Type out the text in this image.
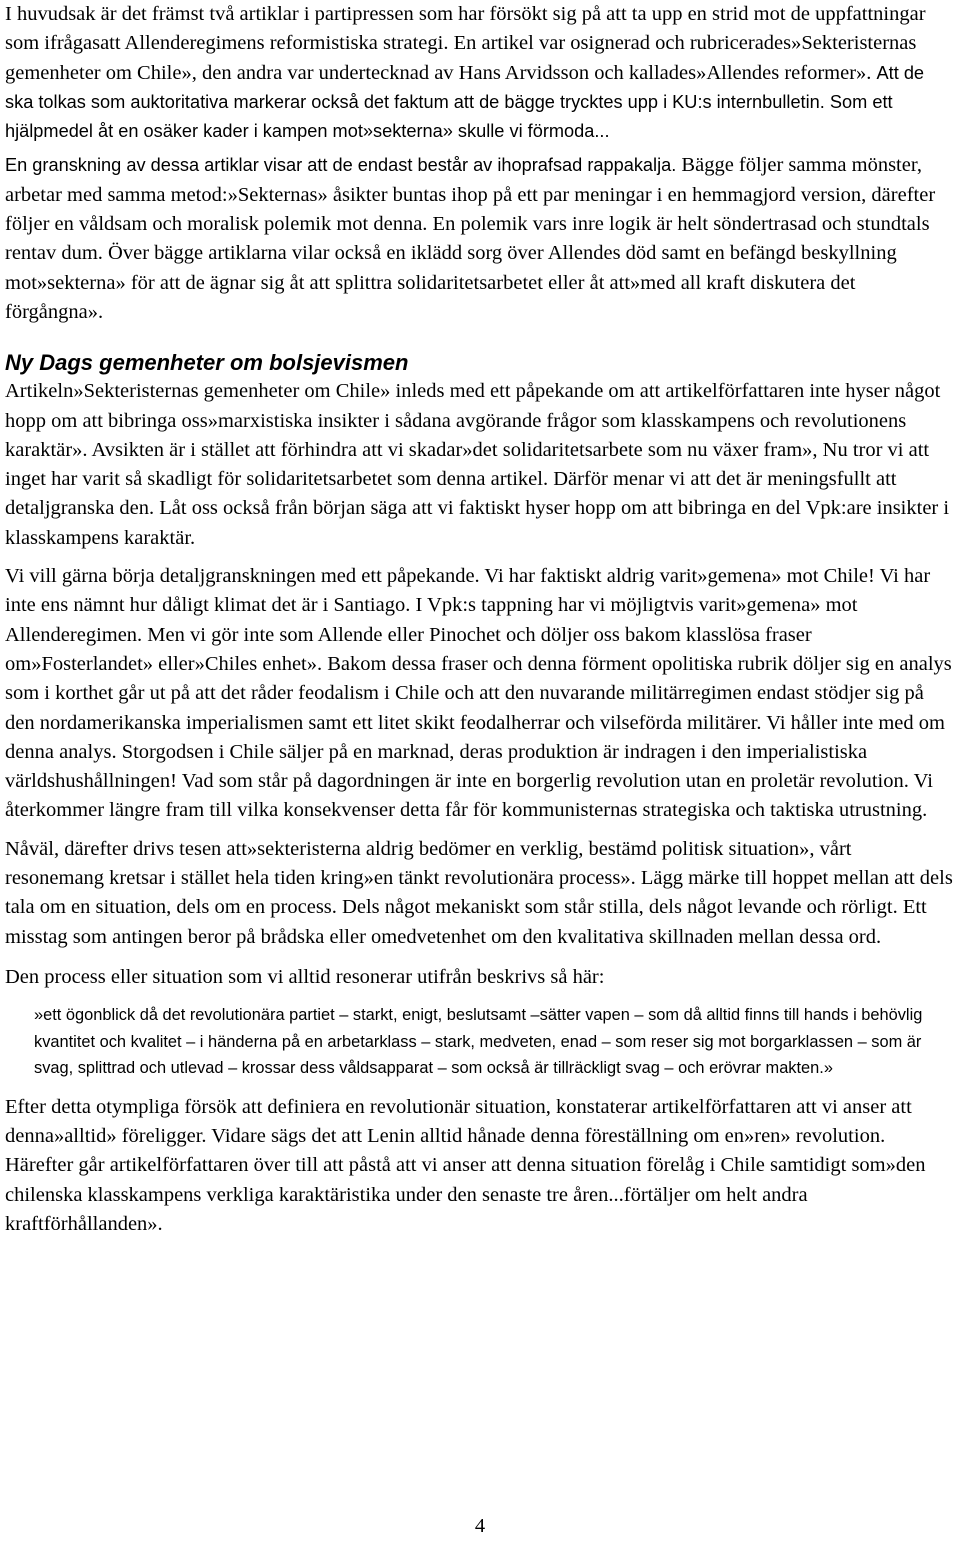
I huvudsak är det främst två artiklar i partipressen som har försökt sig på att ta upp en strid mot de uppfattningar som ifrågasatt Allenderegimens reformistiska strategi. En artikel var osignerad och rubricerades»Sekteristernas gemenheter om Chile», den andra var undertecknad av Hans Arvidsson och kallades»Allendes reformer». Att de ska tolkas som auktoritativa markerar också det faktum att de bägge trycktes upp i KU:s internbulletin. Som ett hjälpmedel åt en osäker kader i kampen mot»sekterna» skulle vi förmoda...

En granskning av dessa artiklar visar att de endast består av ihoprafsad rappakalja. Bägge följer samma mönster, arbetar med samma metod:»Sekternas» åsikter buntas ihop på ett par meningar i en hemmagjord version, därefter följer en våldsam och moralisk polemik mot denna. En polemik vars inre logik är helt söndertrasad och stundtals rentav dum. Över bägge artiklarna vilar också en iklädd sorg över Allendes död samt en befängd beskyllning mot»sekterna» för att de ägnar sig åt att splittra solidaritetsarbetet eller åt att»med all kraft diskutera det förgångna».

Ny Dags gemenheter om bolsjevismen

Artikeln»Sekteristernas gemenheter om Chile» inleds med ett påpekande om att artikelförfattaren inte hyser något hopp om att bibringa oss»marxistiska insikter i sådana avgörande frågor som klasskampens och revolutionens karaktär». Avsikten är i stället att förhindra att vi skadar»det solidaritetsarbete som nu växer fram», Nu tror vi att inget har varit så skadligt för solidaritetsarbetet som denna artikel. Därför menar vi att det är meningsfullt att detaljgranska den. Låt oss också från början säga att vi faktiskt hyser hopp om att bibringa en del Vpk:are insikter i klasskampens karaktär.

Vi vill gärna börja detaljgranskningen med ett påpekande. Vi har faktiskt aldrig varit»gemena» mot Chile! Vi har inte ens nämnt hur dåligt klimat det är i Santiago. I Vpk:s tappning har vi möjligtvis varit»gemena» mot Allenderegimen. Men vi gör inte som Allende eller Pinochet och döljer oss bakom klasslösa fraser om»Fosterlandet» eller»Chiles enhet». Bakom dessa fraser och denna förment opolitiska rubrik döljer sig en analys som i korthet går ut på att det råder feodalism i Chile och att den nuvarande militärregimen endast stödjer sig på den nordamerikanska imperialismen samt ett litet skikt feodalherrar och vilseförda militärer. Vi håller inte med om denna analys. Storgodsen i Chile säljer på en marknad, deras produktion är indragen i den imperialistiska världshushållningen! Vad som står på dagordningen är inte en borgerlig revolution utan en proletär revolution. Vi återkommer längre fram till vilka konsekvenser detta får för kommunisternas strategiska och taktiska utrustning.

Nåväl, därefter drivs tesen att»sekteristerna aldrig bedömer en verklig, bestämd politisk situation», vårt resonemang kretsar i stället hela tiden kring»en tänkt revolutionära process». Lägg märke till hoppet mellan att dels tala om en situation, dels om en process. Dels något mekaniskt som står stilla, dels något levande och rörligt. Ett misstag som antingen beror på brådska eller omedvetenhet om den kvalitativa skillnaden mellan dessa ord.

Den process eller situation som vi alltid resonerar utifrån beskrivs så här:

»ett ögonblick då det revolutionära partiet – starkt, enigt, beslutsamt –sätter vapen – som då alltid finns till hands i behövlig kvantitet och kvalitet – i händerna på en arbetarklass – stark, medveten, enad – som reser sig mot borgarklassen – som är svag, splittrad och utlevad – krossar dess våldsapparat – som också är tillräckligt svag – och erövrar makten.»

Efter detta otympliga försök att definiera en revolutionär situation, konstaterar artikelförfattaren att vi anser att denna»alltid» föreligger. Vidare sägs det att Lenin alltid hånade denna föreställning om en»ren» revolution. Härefter går artikelförfattaren över till att påstå att vi anser att denna situation förelåg i Chile samtidigt som»den chilenska klasskampens verkliga karaktäristika under den senaste tre åren...förtäljer om helt andra kraftförhållanden».

4
